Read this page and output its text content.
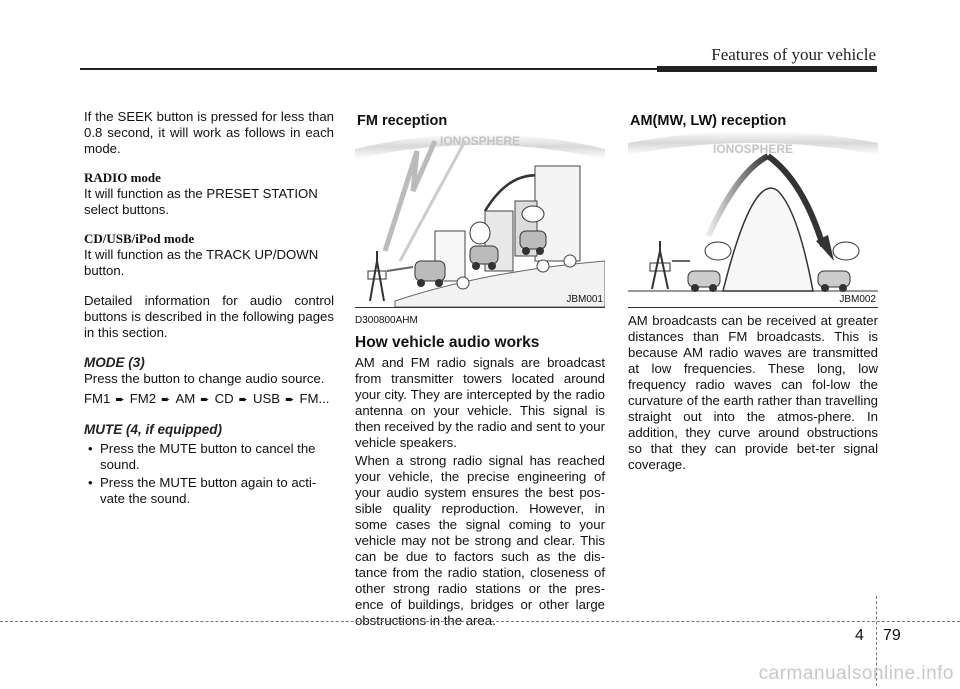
Features of your vehicle

If the SEEK button is pressed for less than 0.8 second, it will work as follows in each mode.

RADIO mode

It will function as the PRESET STATION select buttons.

CD/USB/iPod mode

It will function as the TRACK UP/DOWN button.

Detailed information for audio control buttons is described in the following pages in this section.

MODE (3)

Press the button to change audio source.

FM1 ➨ FM2 ➨ AM ➨ CD ➨ USB ➨ FM...

MUTE (4, if equipped)

• Press the MUTE button to cancel the sound.
• Press the MUTE button again to acti-vate the sound.
IONOSPHERE
FM reception
JBM001
IONOSPHERE
AM(MW, LW) reception
JBM002

D300800AHM

How vehicle audio works

AM and FM radio signals are broadcast from transmitter towers located around your city. They are intercepted by the radio antenna on your vehicle. This signal is then received by the radio and sent to your vehicle speakers.

When a strong radio signal has reached your vehicle, the precise engineering of your audio system ensures the best pos-sible quality reproduction. However, in some cases the signal coming to your vehicle may not be strong and clear. This can be due to factors such as the dis-tance from the radio station, closeness of other strong radio stations or the pres-ence of buildings, bridges or other large obstructions in the area.

AM broadcasts can be received at greater distances than FM broadcasts. This is because AM radio waves are transmitted at low frequencies. These long, low frequency radio waves can fol-low the curvature of the earth rather than travelling straight out into the atmos-phere. In addition, they curve around obstructions so that they can provide bet-ter signal coverage.

4 79
carmanualsonline.info
